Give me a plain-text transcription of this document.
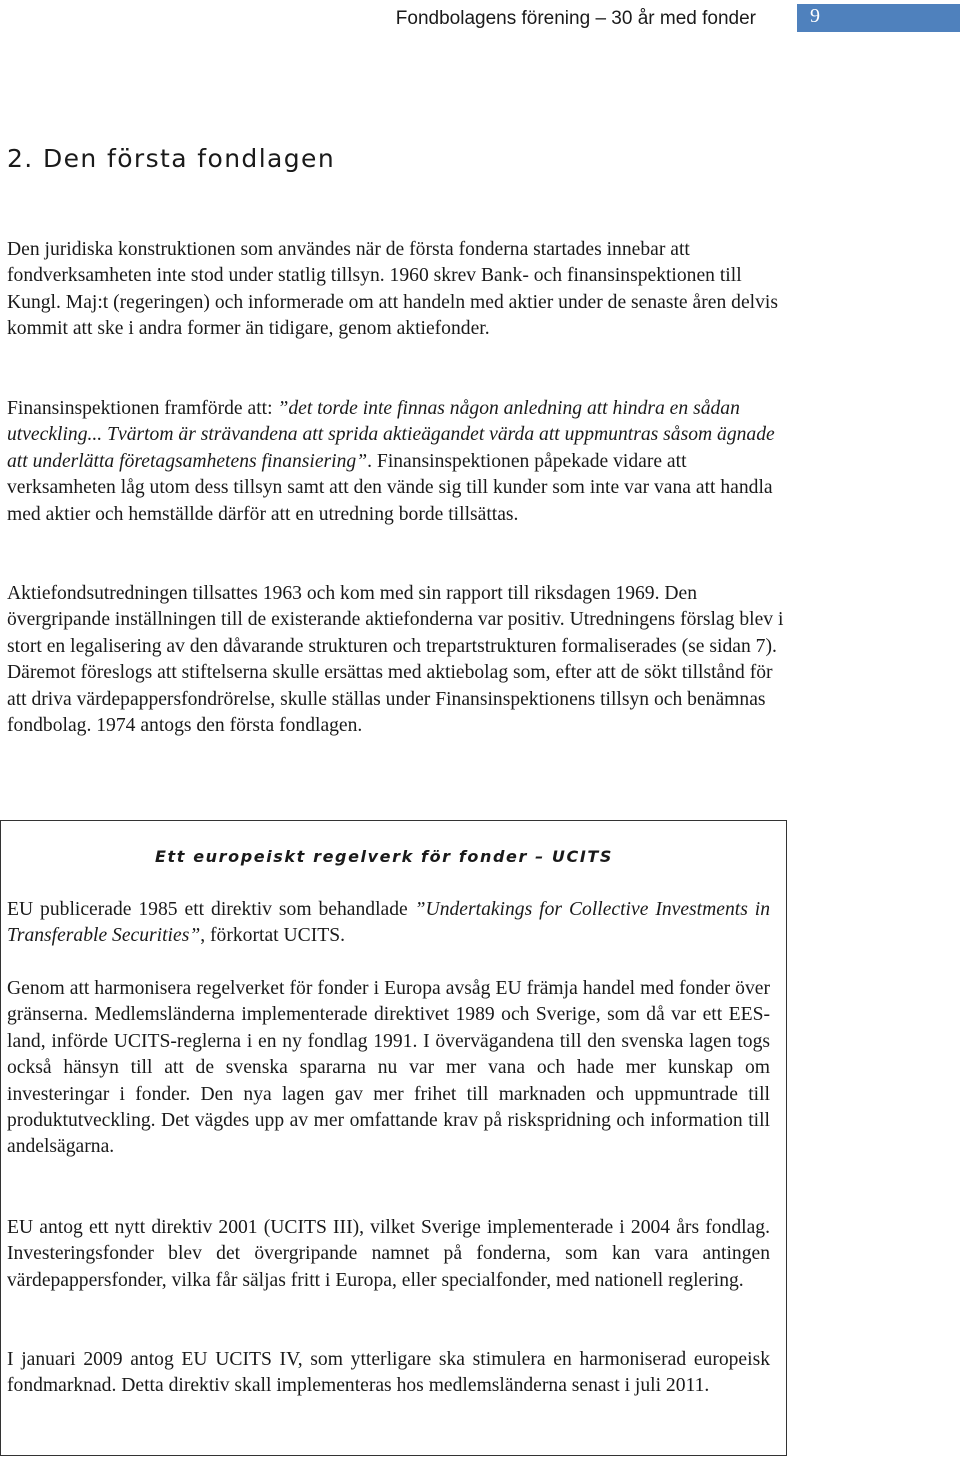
Fondbolagens förening – 30 år med fonder	9
2. Den första fondlagen

Den juridiska konstruktionen som användes när de första fonderna startades innebar att fondverksamheten inte stod under statlig tillsyn. 1960 skrev Bank- och finansinspektionen till Kungl. Maj:t (regeringen) och informerade om att handeln med aktier under de senaste åren delvis kommit att ske i andra former än tidigare, genom aktiefonder.

Finansinspektionen framförde att: ”det torde inte finnas någon anledning att hindra en sådan utveckling... Tvärtom är strävandena att sprida aktieägandet värda att uppmuntras såsom ägnade att underlätta företagsamhetens finansiering”. Finansinspektionen påpekade vidare att verksamheten låg utom dess tillsyn samt att den vände sig till kunder som inte var vana att handla med aktier och hemställde därför att en utredning borde tillsättas.

Aktiefondsutredningen tillsattes 1963 och kom med sin rapport till riksdagen 1969. Den övergripande inställningen till de existerande aktiefonderna var positiv. Utredningens förslag blev i stort en legalisering av den dåvarande strukturen och trepartstrukturen formaliserades (se sidan 7). Däremot föreslogs att stiftelserna skulle ersättas med aktiebolag som, efter att de sökt tillstånd för att driva värdepappersfondrörelse, skulle ställas under Finansinspektionens tillsyn och benämnas fondbolag. 1974 antogs den första fondlagen.

Ett europeiskt regelverk för fonder – UCITS

EU publicerade 1985 ett direktiv som behandlade ”Undertakings for Collective Investments in Transferable Securities”, förkortat UCITS.

Genom att harmonisera regelverket för fonder i Europa avsåg EU främja handel med fonder över gränserna. Medlemsländerna implementerade direktivet 1989 och Sverige, som då var ett EES-land, införde UCITS-reglerna i en ny fondlag 1991. I övervägandena till den svenska lagen togs också hänsyn till att de svenska spararna nu var mer vana och hade mer kunskap om investeringar i fonder. Den nya lagen gav mer frihet till marknaden och uppmuntrade till produktutveckling. Det vägdes upp av mer omfattande krav på riskspridning och information till andelsägarna.

EU antog ett nytt direktiv 2001 (UCITS III), vilket Sverige implementerade i 2004 års fondlag. Investeringsfonder blev det övergripande namnet på fonderna, som kan vara antingen värdepappersfonder, vilka får säljas fritt i Europa, eller specialfonder, med nationell reglering.

I januari 2009 antog EU UCITS IV, som ytterligare ska stimulera en harmoniserad europeisk fondmarknad. Detta direktiv skall implementeras hos medlemsländerna senast i juli 2011.
